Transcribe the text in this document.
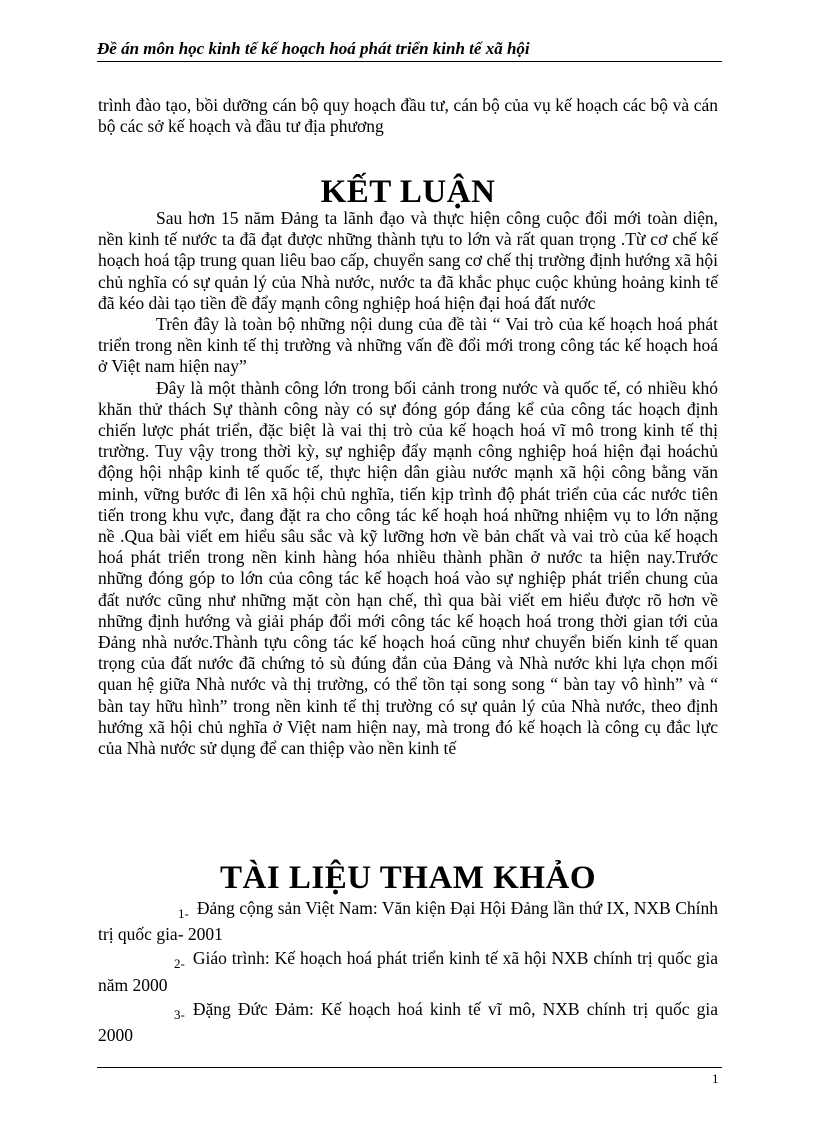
Đề án môn học kinh tế kế hoạch hoá phát triển kinh tế xã hội

trình đào tạo, bồi dưỡng cán bộ quy hoạch đầu tư, cán bộ của vụ kế hoạch các bộ và cán bộ các sở kế hoạch và đầu tư địa phương

KẾT LUẬN

Sau hơn 15 năm Đảng ta lãnh đạo và thực hiện công cuộc đổi mới toàn diện, nền kinh tế nước ta đã đạt được những thành tựu to lớn và rất quan trọng .Từ cơ chế kế hoạch hoá tập trung quan liêu bao cấp, chuyển sang cơ chế thị trường định hướng xã hội chủ nghĩa có sự quản lý của Nhà nước, nước ta đã khắc phục cuộc khủng hoảng kinh tế đã kéo dài tạo tiền đề đẩy mạnh công nghiệp hoá hiện đại hoá đất nước

Trên đây là toàn bộ những nội dung của đề tài “ Vai trò của kế hoạch hoá phát triển trong nền kinh tế thị trường và những vấn đề đổi mới trong công tác kế hoạch hoá ở Việt nam hiện nay”

Đây là một thành công lớn trong bối cảnh trong nước và quốc tế, có nhiều khó khăn thử thách Sự thành công này có sự đóng góp đáng kể của công tác hoạch định chiến lược phát triển, đặc biệt là vai thị trò của kế hoạch hoá vĩ mô trong kinh tế thị trường. Tuy vậy trong thời kỳ, sự nghiệp đẩy mạnh công nghiệp hoá hiện đại hoáchủ động hội nhập kinh tế quốc tế, thực hiện dân giàu nước mạnh xã hội công bằng văn minh, vững bước đi lên xã hội chủ nghĩa, tiến kịp trình độ phát triển của các nước tiên tiến trong khu vực, đang đặt ra cho công tác kế hoạh hoá những nhiệm vụ to lớn nặng nề .Qua bài viết em hiểu sâu sắc và kỹ lưỡng hơn về bản chất và vai trò của kế hoạch hoá phát triển trong nền kinh hàng hóa nhiều thành phần ở nước ta hiện nay.Trước những đóng góp to lớn của công tác kế hoạch hoá vào sự nghiệp phát triển chung của đất nước cũng như những mặt còn hạn chế, thì qua bài viết em hiểu được rõ hơn về những định hướng và giải pháp đổi mới công tác kế hoạch hoá trong thời gian tới của Đảng nhà nước.Thành tựu công tác kế hoạch hoá cũng như chuyển biến kinh tế quan trọng của đất nước đã chứng tỏ sù đúng đắn của Đảng và Nhà nước khi lựa chọn mối quan hệ giữa Nhà nước và thị trường, có thể tồn tại song song “ bàn tay vô hình” và “ bàn tay hữu hình” trong nền kinh tế thị trường có sự quản lý của Nhà nước, theo định hướng xã hội chủ nghĩa ở Việt nam hiện nay, mà trong đó kế hoạch là công cụ đắc lực của Nhà nước sử dụng để can thiệp vào nền kinh tế

TÀI LIỆU THAM KHẢO
1- Đảng cộng sản Việt Nam: Văn kiện Đại Hội Đảng lần thứ IX, NXB Chính trị quốc gia- 2001
2- Giáo trình: Kế hoạch hoá phát triển kinh tế xã hội NXB chính trị quốc gia năm 2000
3- Đặng Đức Đảm: Kế hoạch hoá kinh tế vĩ mô, NXB chính trị quốc gia 2000
1
